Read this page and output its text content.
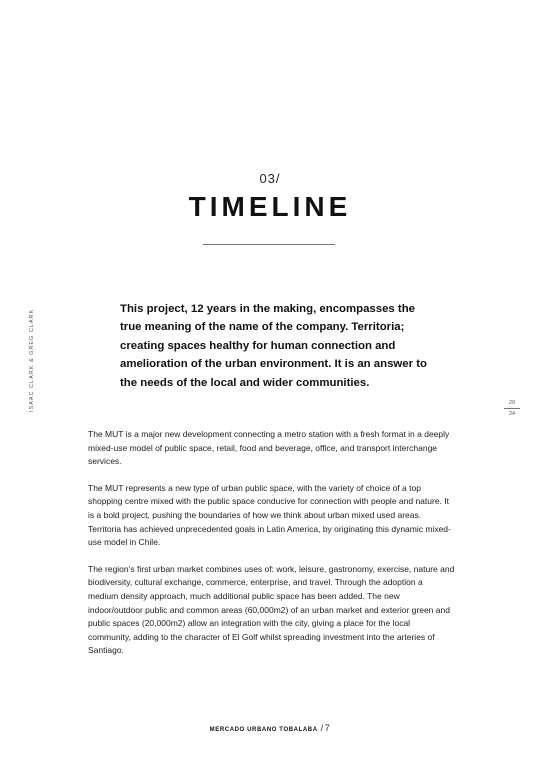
03/
TIMELINE

This project, 12 years in the making, encompasses the true meaning of the name of the company. Territoria; creating spaces healthy for human connection and amelioration of the urban environment. It is an answer to the needs of the local and wider communities.

ISAAC CLARK & GREG CLARK	$\frac{20}{24}$

The MUT is a major new development connecting a metro station with a fresh format in a deeply mixed-use model of public space, retail, food and beverage, office, and transport interchange services.

The MUT represents a new type of urban public space, with the variety of choice of a top shopping centre mixed with the public space conducive for connection with people and nature. It is a bold project, pushing the boundaries of how we think about urban mixed used areas. Territoria has achieved unprecedented goals in Latin America, by originating this dynamic mixed-use model in Chile.

The region’s first urban market combines uses of: work, leisure, gastronomy, exercise, nature and biodiversity, cultural exchange, commerce, enterprise, and travel. Through the adoption a medium density approach, much additional public space has been added. The new indoor/outdoor public and common areas (60,000m2) of an urban market and exterior green and public spaces (20,000m2) allow an integration with the city, giving a place for the local community, adding to the character of El Golf whilst spreading investment into the arteries of Santiago.

MERCADO URBANO TOBALABA /7
